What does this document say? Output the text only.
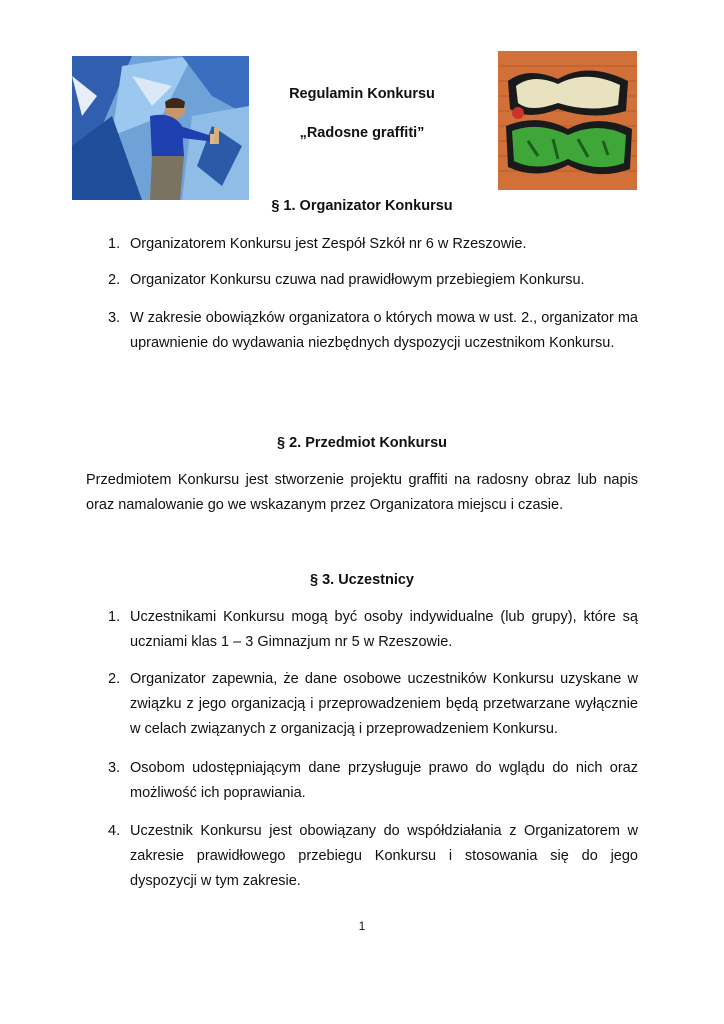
Regulamin Konkursu
„Radosne graffiti”
§ 1. Organizator Konkursu
1. Organizatorem Konkursu jest Zespół Szkół nr 6 w Rzeszowie.
2. Organizator Konkursu czuwa nad prawidłowym przebiegiem Konkursu.
3. W zakresie obowiązków organizatora o których mowa w ust. 2., organizator ma uprawnienie do wydawania niezbędnych dyspozycji uczestnikom Konkursu.
§ 2. Przedmiot Konkursu

Przedmiotem Konkursu jest stworzenie projektu graffiti na radosny obraz lub napis oraz namalowanie go we wskazanym przez Organizatora miejscu i czasie.

§ 3. Uczestnicy
1. Uczestnikami Konkursu mogą być osoby indywidualne (lub grupy), które są uczniami klas 1 – 3 Gimnazjum nr 5 w Rzeszowie.
2. Organizator zapewnia, że dane osobowe uczestników Konkursu uzyskane w związku z jego organizacją i przeprowadzeniem będą przetwarzane wyłącznie w celach związanych z organizacją i przeprowadzeniem Konkursu.
3. Osobom udostępniającym dane przysługuje prawo do wglądu do nich oraz możliwość ich poprawiania.
4. Uczestnik Konkursu jest obowiązany do współdziałania z Organizatorem w zakresie prawidłowego przebiegu Konkursu i stosowania się do jego dyspozycji w tym zakresie.
1
